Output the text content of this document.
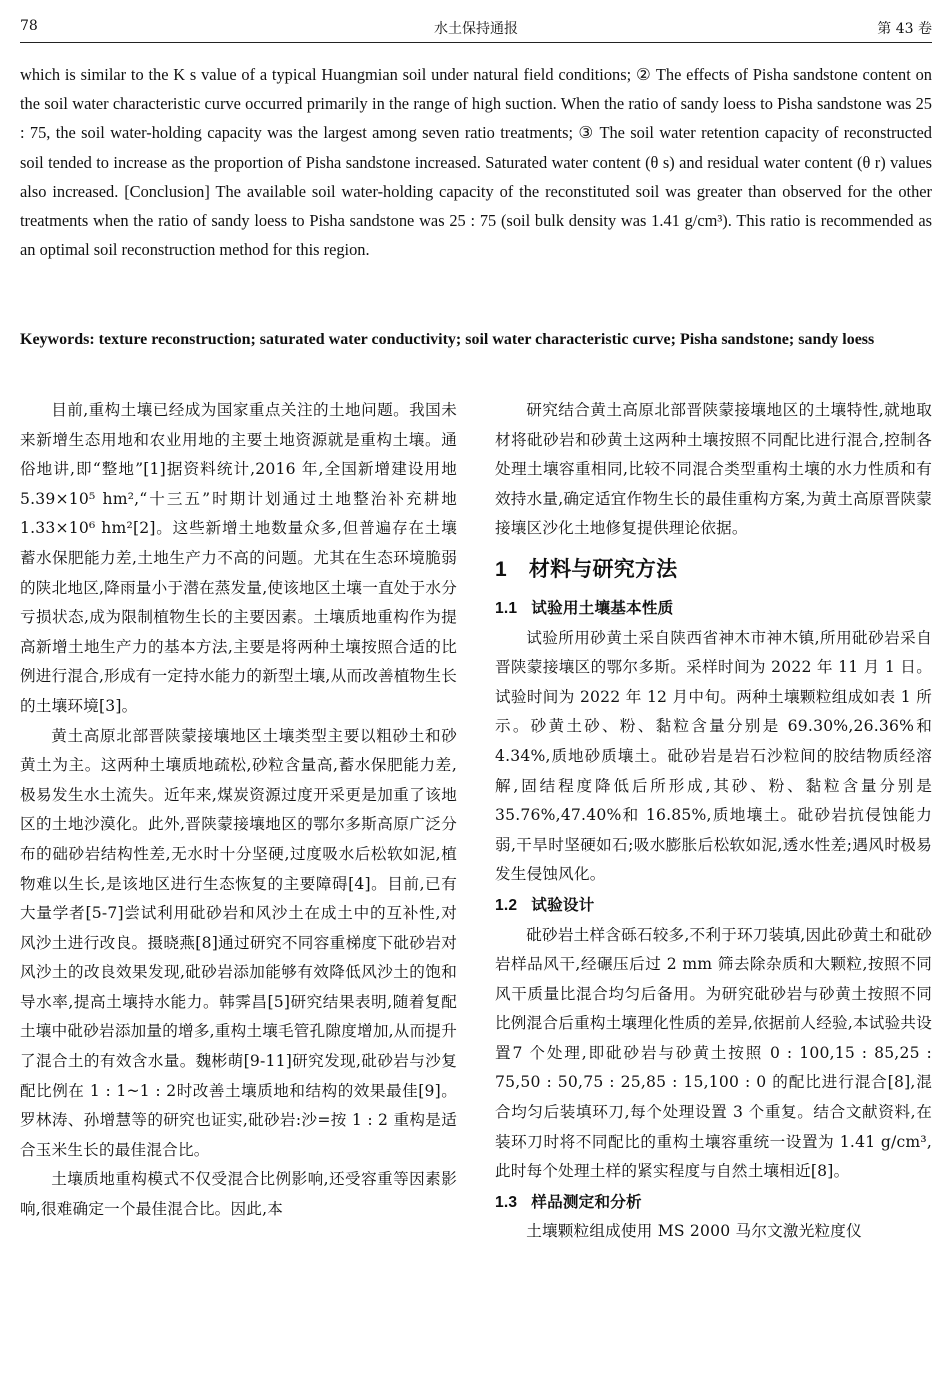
78	水土保持通报	第 43 卷

which is similar to the K s value of a typical Huangmian soil under natural field conditions; ② The effects of Pisha sandstone content on the soil water characteristic curve occurred primarily in the range of high suction. When the ratio of sandy loess to Pisha sandstone was 25 : 75, the soil water-holding capacity was the largest among seven ratio treatments; ③ The soil water retention capacity of reconstructed soil tended to increase as the proportion of Pisha sandstone increased. Saturated water content (θ s) and residual water content (θ r) values also increased. [Conclusion] The available soil water-holding capacity of the reconstituted soil was greater than observed for the other treatments when the ratio of sandy loess to Pisha sandstone was 25 : 75 (soil bulk density was 1.41 g/cm³). This ratio is recommended as an optimal soil reconstruction method for this region.

Keywords: texture reconstruction; saturated water conductivity; soil water characteristic curve; Pisha sandstone; sandy loess

目前,重构土壤已经成为国家重点关注的土地问题。我国未来新增生态用地和农业用地的主要土地资源就是重构土壤。通俗地讲,即“整地”[1]据资料统计,2016 年,全国新增建设用地 5.39×10⁵ hm²,“十三五”时期计划通过土地整治补充耕地 1.33×10⁶ hm²[2]。这些新增土地数量众多,但普遍存在土壤蓄水保肥能力差,土地生产力不高的问题。尤其在生态环境脆弱的陕北地区,降雨量小于潜在蒸发量,使该地区土壤一直处于水分亏损状态,成为限制植物生长的主要因素。土壤质地重构作为提高新增土地生产力的基本方法,主要是将两种土壤按照合适的比例进行混合,形成有一定持水能力的新型土壤,从而改善植物生长的土壤环境[3]。

黄土高原北部晋陕蒙接壤地区土壤类型主要以粗砂土和砂黄土为主。这两种土壤质地疏松,砂粒含量高,蓄水保肥能力差,极易发生水土流失。近年来,煤炭资源过度开采更是加重了该地区的土地沙漠化。此外,晋陕蒙接壤地区的鄂尔多斯高原广泛分布的础砂岩结构性差,无水时十分坚硬,过度吸水后松软如泥,植物难以生长,是该地区进行生态恢复的主要障碍[4]。目前,已有大量学者[5-7]尝试利用砒砂岩和风沙土在成土中的互补性,对风沙土进行改良。摄晓燕[8]通过研究不同容重梯度下砒砂岩对风沙土的改良效果发现,砒砂岩添加能够有效降低风沙土的饱和导水率,提高土壤持水能力。韩霁昌[5]研究结果表明,随着复配土壤中砒砂岩添加量的增多,重构土壤毛管孔隙度增加,从而提升了混合土的有效含水量。魏彬萌[9-11]研究发现,砒砂岩与沙复配比例在 1 : 1~1 : 2时改善土壤质地和结构的效果最佳[9]。罗林涛、孙增慧等的研究也证实,砒砂岩:沙=按 1 : 2 重构是适合玉米生长的最佳混合比。

土壤质地重构模式不仅受混合比例影响,还受容重等因素影响,很难确定一个最佳混合比。因此,本

研究结合黄土高原北部晋陕蒙接壤地区的土壤特性,就地取材将砒砂岩和砂黄土这两种土壤按照不同配比进行混合,控制各处理土壤容重相同,比较不同混合类型重构土壤的水力性质和有效持水量,确定适宜作物生长的最佳重构方案,为黄土高原晋陕蒙接壤区沙化土地修复提供理论依据。

1 材料与研究方法
1.1 试验用土壤基本性质

试验所用砂黄土采自陕西省神木市神木镇,所用砒砂岩采自晋陕蒙接壤区的鄂尔多斯。采样时间为 2022 年 11 月 1 日。试验时间为 2022 年 12 月中旬。两种土壤颗粒组成如表 1 所示。砂黄土砂、粉、黏粒含量分别是 69.30%,26.36%和 4.34%,质地砂质壤土。砒砂岩是岩石沙粒间的胶结物质经溶解,固结程度降低后所形成,其砂、粉、黏粒含量分别是 35.76%,47.40%和 16.85%,质地壤土。砒砂岩抗侵蚀能力弱,干旱时坚硬如石;吸水膨胀后松软如泥,透水性差;遇风时极易发生侵蚀风化。

1.2 试验设计

砒砂岩土样含砾石较多,不利于环刀装填,因此砂黄土和砒砂岩样品风干,经碾压后过 2 mm 筛去除杂质和大颗粒,按照不同风干质量比混合均匀后备用。为研究砒砂岩与砂黄土按照不同比例混合后重构土壤理化性质的差异,依据前人经验,本试验共设置7 个处理,即砒砂岩与砂黄土按照 0 : 100,15 : 85,25 : 75,50 : 50,75 : 25,85 : 15,100 : 0 的配比进行混合[8],混合均匀后装填环刀,每个处理设置 3 个重复。结合文献资料,在装环刀时将不同配比的重构土壤容重统一设置为 1.41 g/cm³,此时每个处理土样的紧实程度与自然土壤相近[8]。

1.3 样品测定和分析

土壤颗粒组成使用 MS 2000 马尔文激光粒度仪
